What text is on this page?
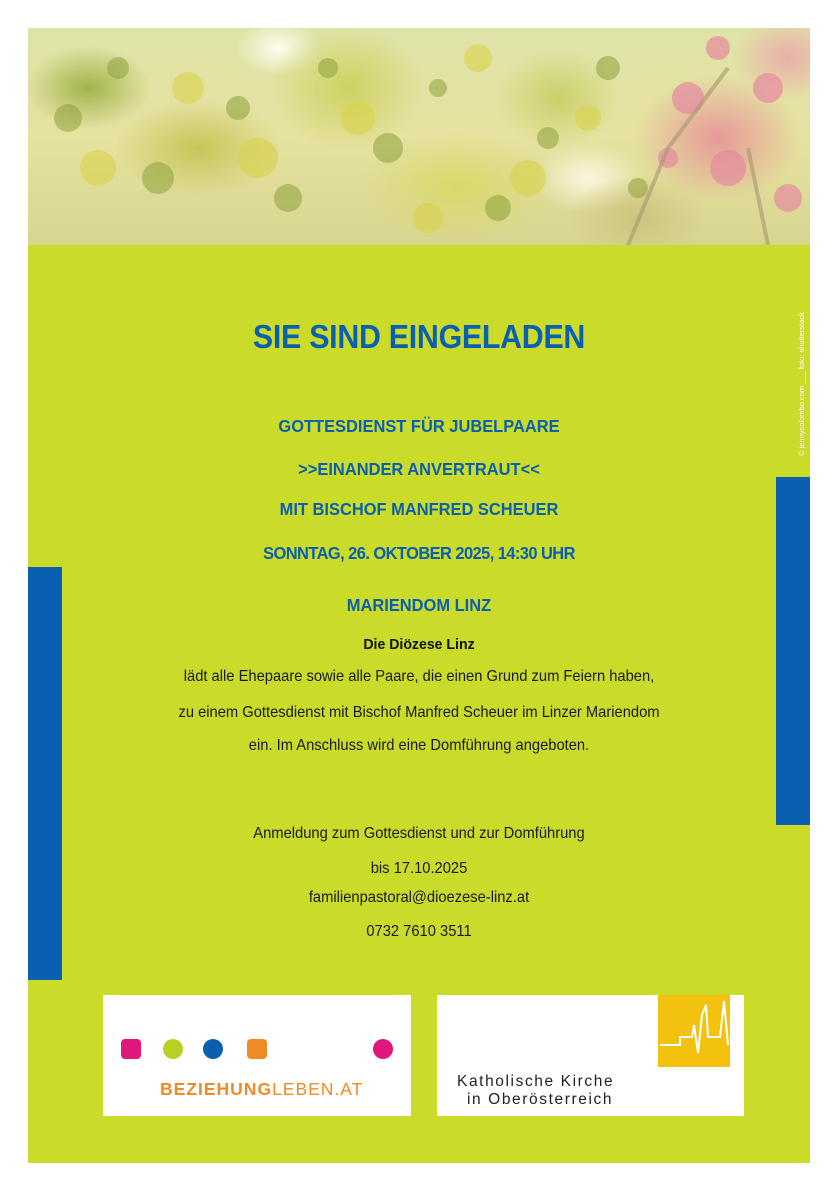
© jennycolombo.com ___ foto: shutterstock
SIE SIND EINGELADEN
GOTTESDIENST FÜR JUBELPAARE
>>EINANDER ANVERTRAUT<<
MIT BISCHOF MANFRED SCHEUER
SONNTAG, 26. OKTOBER 2025, 14:30 UHR
MARIENDOM LINZ
Die Diözese Linz
lädt alle Ehepaare sowie alle Paare, die einen Grund zum Feiern haben,
zu einem Gottesdienst mit Bischof Manfred Scheuer im Linzer Mariendom
ein. Im Anschluss wird eine Domführung angeboten.
Anmeldung zum Gottesdienst und zur Domführung
bis 17.10.2025
familienpastoral@dioezese-linz.at
0732 7610 3511
BEZIEHUNGLEBEN.AT	Katholische Kirche
in Oberösterreich
